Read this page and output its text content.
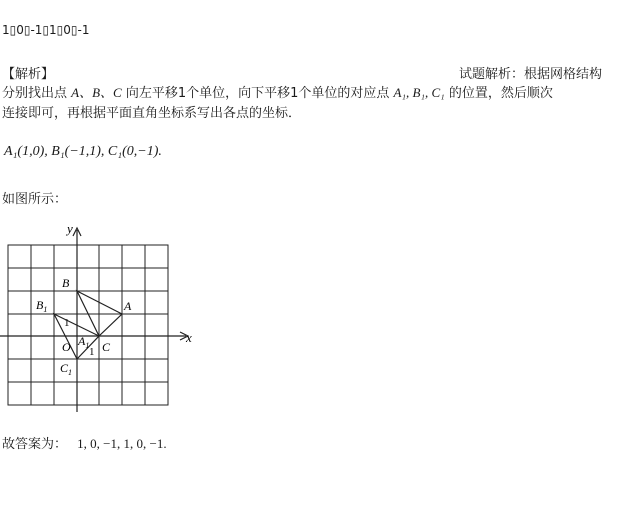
1▯0▯-1▯1▯0▯-1
【解析】	试题解析：根据网格结构
分别找出点 A、B、C 向左平移1个单位，向下平移1个单位的对应点 A₁, B₁, C₁ 的位置，然后顺次
连接即可，再根据平面直角坐标系写出各点的坐标．
A₁(1,0), B₁(−1,1), C₁(0,−1).
如图所示：
y
x
B
A
$B_1$
$A_1$ C
$C_1$
O
1
1
故答案为： 1, 0, −1, 1, 0, −1.
